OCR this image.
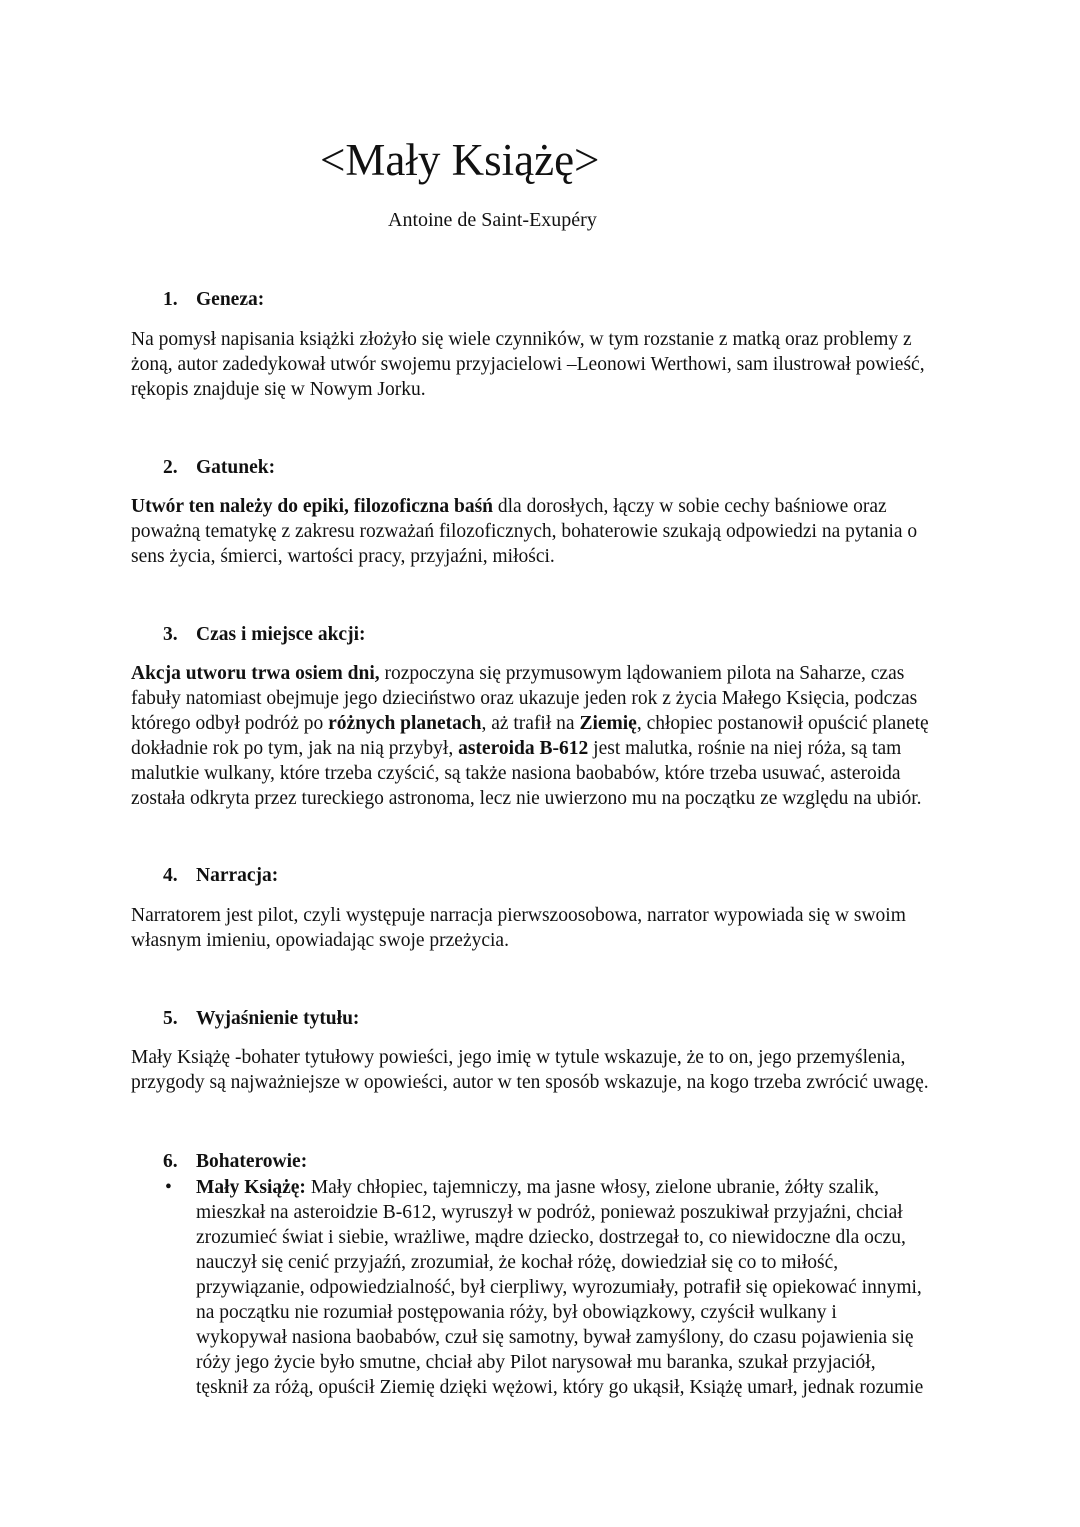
<Mały Książę>

Antoine de Saint-Exupéry

1. Geneza:

Na pomysł napisania książki złożyło się wiele czynników, w tym rozstanie z matką oraz problemy z
żoną, autor zadedykował utwór swojemu przyjacielowi –Leonowi Werthowi, sam ilustrował powieść,
rękopis znajduje się w Nowym Jorku.

2. Gatunek:

Utwór ten należy do epiki, filozoficzna baśń dla dorosłych, łączy w sobie cechy baśniowe oraz
poważną tematykę z zakresu rozważań filozoficznych, bohaterowie szukają odpowiedzi na pytania o
sens życia, śmierci, wartości pracy, przyjaźni, miłości.

3. Czas i miejsce akcji:

Akcja utworu trwa osiem dni, rozpoczyna się przymusowym lądowaniem pilota na Saharze, czas
fabuły natomiast obejmuje jego dzieciństwo oraz ukazuje jeden rok z życia Małego Księcia, podczas
którego odbył podróż po różnych planetach, aż trafił na Ziemię, chłopiec postanowił opuścić planetę
dokładnie rok po tym, jak na nią przybył, asteroida B-612 jest malutka, rośnie na niej róża, są tam
malutkie wulkany, które trzeba czyścić, są także nasiona baobabów, które trzeba usuwać, asteroida
została odkryta przez tureckiego astronoma, lecz nie uwierzono mu na początku ze względu na ubiór.

4. Narracja:

Narratorem jest pilot, czyli występuje narracja pierwszoosobowa, narrator wypowiada się w swoim
własnym imieniu, opowiadając swoje przeżycia.

5. Wyjaśnienie tytułu:

Mały Książę -bohater tytułowy powieści, jego imię w tytule wskazuje, że to on, jego przemyślenia,
przygody są najważniejsze w opowieści, autor w ten sposób wskazuje, na kogo trzeba zwrócić uwagę.

6. Bohaterowie:
• Mały Książę: Mały chłopiec, tajemniczy, ma jasne włosy, zielone ubranie, żółty szalik,
mieszkał na asteroidzie B-612, wyruszył w podróż, ponieważ poszukiwał przyjaźni, chciał
zrozumieć świat i siebie, wrażliwe, mądre dziecko, dostrzegał to, co niewidoczne dla oczu,
nauczył się cenić przyjaźń, zrozumiał, że kochał różę, dowiedział się co to miłość,
przywiązanie, odpowiedzialność, był cierpliwy, wyrozumiały, potrafił się opiekować innymi,
na początku nie rozumiał postępowania róży, był obowiązkowy, czyścił wulkany i
wykopywał nasiona baobabów, czuł się samotny, bywał zamyślony, do czasu pojawienia się
róży jego życie było smutne, chciał aby Pilot narysował mu baranka, szukał przyjaciół,
tęsknił za różą, opuścił Ziemię dzięki wężowi, który go ukąsił, Książę umarł, jednak rozumie
